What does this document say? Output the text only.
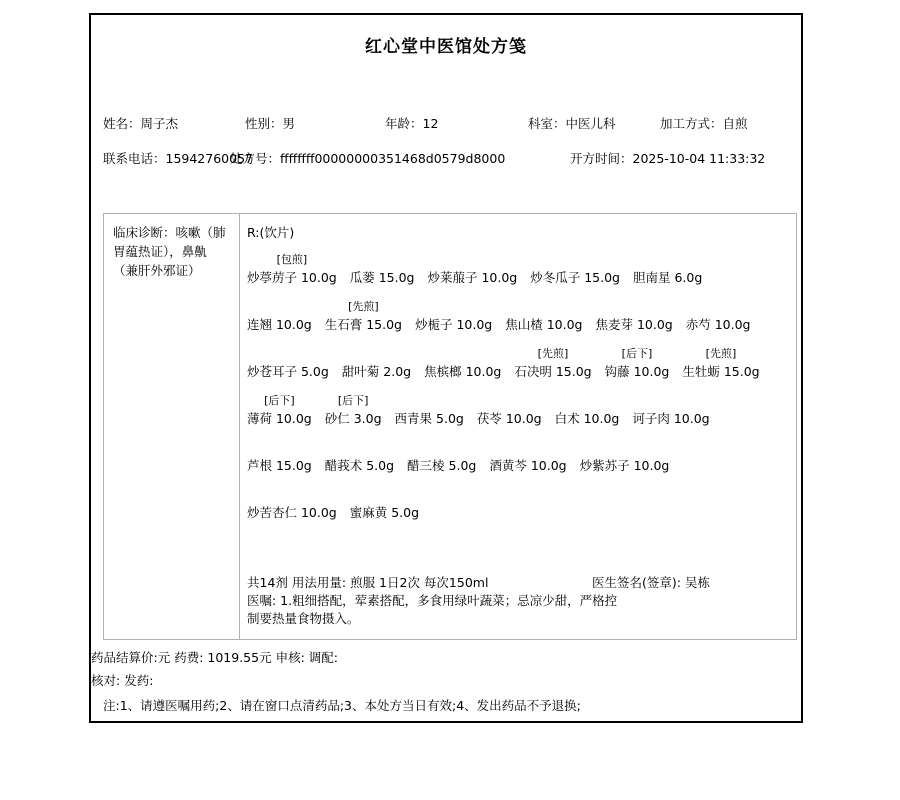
红心堂中医馆处方笺
姓名：周子杰	性别：男	年龄：12	科室：中医儿科	加工方式：自煎
联系电话：15942760057
处方号：ffffffff00000000351468d0579d8000	开方时间：2025-10-04 11:33:32
临床诊断：咳嗽（肺胃蕴热证），鼻鼽（兼肝外邪证）
R:(饮片)
[包煎]
炒葶苈子 10.0g 瓜蒌 15.0g 炒莱菔子 10.0g 炒冬瓜子 15.0g 胆南星 6.0g
连翘 10.0g
[先煎]
生石膏 15.0g 炒栀子 10.0g 焦山楂 10.0g 焦麦芽 10.0g 赤芍 10.0g
炒苍耳子 5.0g 甜叶菊 2.0g 焦槟榔 10.0g
[先煎]
石决明 15.0g
[后下]
钩藤 10.0g
[先煎]
生牡蛎 15.0g
[后下]
薄荷 10.0g
[后下]
砂仁 3.0g 西青果 5.0g 茯苓 10.0g 白术 10.0g 诃子肉 10.0g
芦根 15.0g 醋莪术 5.0g 醋三棱 5.0g 酒黄芩 10.0g 炒紫苏子 10.0g
炒苦杏仁 10.0g 蜜麻黄 5.0g
共14剂 用法用量: 煎服 1日2次 每次150ml	医生签名(签章): 吴栋
医嘱: 1.粗细搭配，荤素搭配，多食用绿叶蔬菜；忌凉少甜，严格控制要热量食物摄入。
药品结算价:元 药费: 1019.55元 申核: 调配:
核对: 发药:
注:1、请遵医嘱用药;2、请在窗口点清药品;3、本处方当日有效;4、发出药品不予退换;
